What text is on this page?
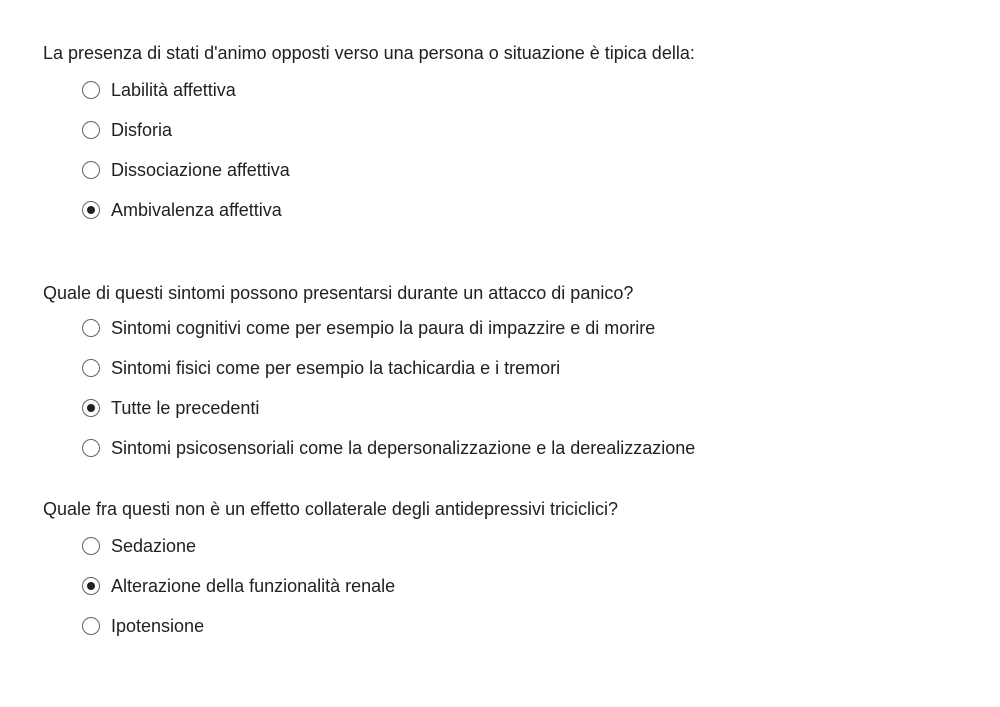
La presenza di stati d'animo opposti verso una persona o situazione è tipica della:

Labilità affettiva
Disforia
Dissociazione affettiva
Ambivalenza affettiva

Quale di questi sintomi possono presentarsi durante un attacco di panico?

Sintomi cognitivi come per esempio la paura di impazzire e di morire
Sintomi fisici come per esempio la tachicardia e i tremori
Tutte le precedenti
Sintomi psicosensoriali come la depersonalizzazione e la derealizzazione

Quale fra questi non è un effetto collaterale degli antidepressivi triciclici?

Sedazione
Alterazione della funzionalità renale
Ipotensione
